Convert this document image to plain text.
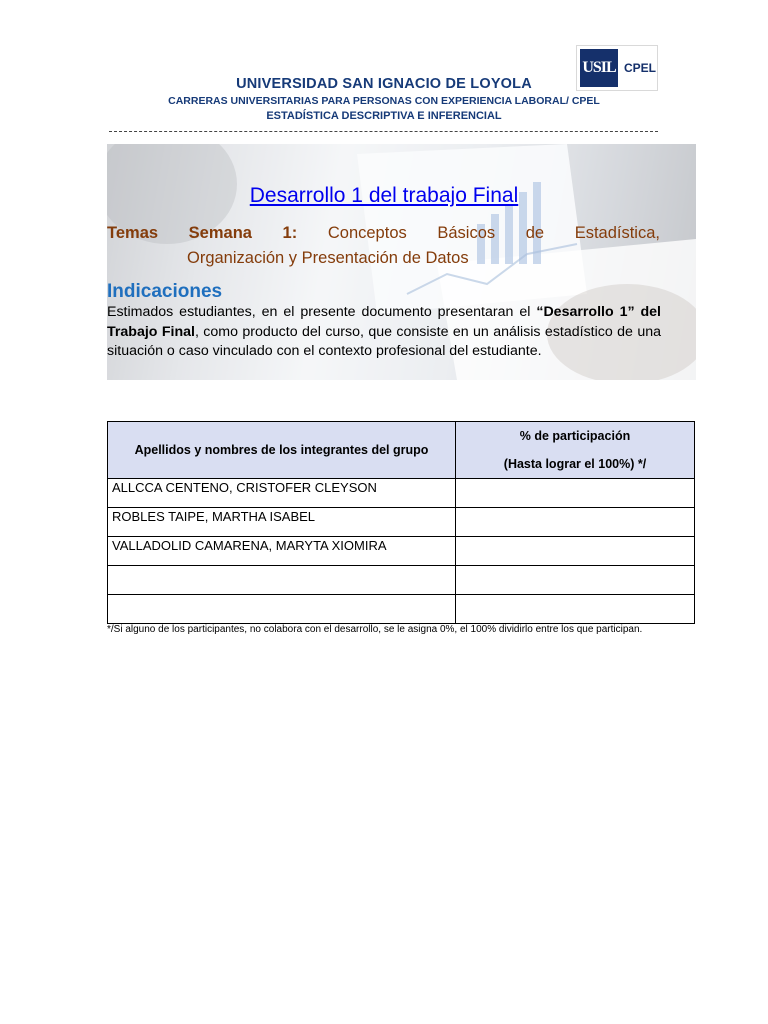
USIL CPEL
UNIVERSIDAD SAN IGNACIO DE LOYOLA
CARRERAS UNIVERSITARIAS PARA PERSONAS CON EXPERIENCIA LABORAL/ CPEL
ESTADÍSTICA DESCRIPTIVA E INFERENCIAL
Desarrollo 1 del trabajo Final
Temas Semana 1: Conceptos Básicos de Estadística,
Organización y Presentación de Datos
Indicaciones
Estimados estudiantes, en el presente documento presentaran el “Desarrollo 1” del Trabajo Final, como producto del curso, que consiste en un análisis estadístico de una situación o caso vinculado con el contexto profesional del estudiante.
Apellidos y nombres de los integrantes del grupo	% de participación
(Hasta lograr el 100%) */

ALLCCA CENTENO, CRISTOFER CLEYSON	
ROBLES TAIPE, MARTHA ISABEL	
VALLADOLID CAMARENA, MARYTA XIOMIRA	

*/Si alguno de los participantes, no colabora con el desarrollo, se le asigna 0%, el 100% dividirlo entre los que participan.
